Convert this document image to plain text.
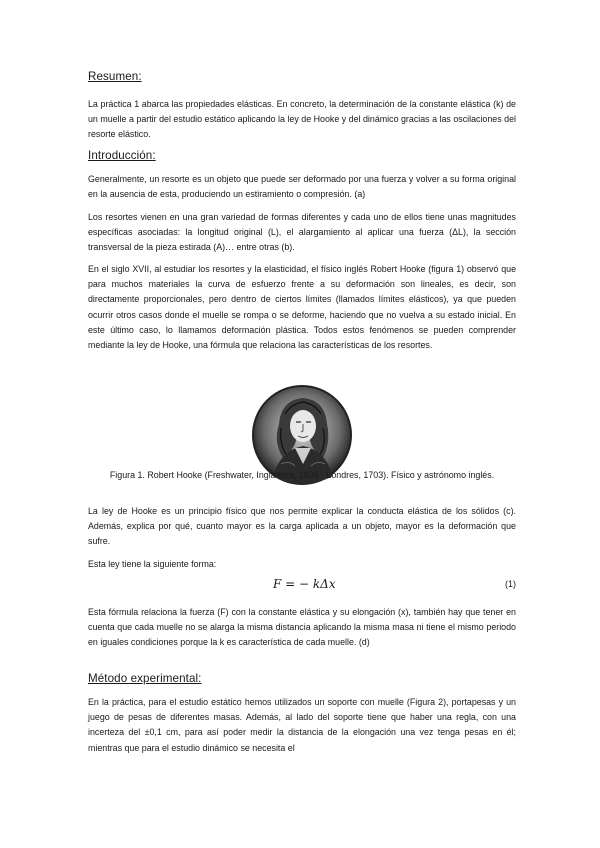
Resumen:

La práctica 1 abarca las propiedades elásticas. En concreto, la determinación de la constante elástica (k) de un muelle a partir del estudio estático aplicando la ley de Hooke y del dinámico gracias a las oscilaciones del resorte elástico.

Introducción:

Generalmente, un resorte es un objeto que puede ser deformado por una fuerza y volver a su forma original en la ausencia de esta, produciendo un estiramiento o compresión. (a)

Los resortes vienen en una gran variedad de formas diferentes y cada uno de ellos tiene unas magnitudes específicas asociadas: la longitud original (L), el alargamiento al aplicar una fuerza (ΔL), la sección transversal de la pieza estirada (A)… entre otras (b).

En el siglo XVII, al estudiar los resortes y la elasticidad, el físico inglés Robert Hooke (figura 1) observó que para muchos materiales la curva de esfuerzo frente a su deformación son lineales, es decir, son directamente proporcionales, pero dentro de ciertos límites (llamados límites elásticos), ya que pueden ocurrir otros casos donde el muelle se rompa o se deforme, haciendo que no vuelva a su estado inicial. En este último caso, lo llamamos deformación plástica. Todos estos fenómenos se pueden comprender mediante la ley de Hooke, una fórmula que relaciona las características de los resortes.

Figura 1. Robert Hooke (Freshwater, Inglaterra, 1635 - Londres, 1703). Físico y astrónomo inglés.

La ley de Hooke es un principio físico que nos permite explicar la conducta elástica de los sólidos (c). Además, explica por qué, cuanto mayor es la carga aplicada a un objeto, mayor es la deformación que sufre.

Esta ley tiene la siguiente forma:

F = − kΔx	(1)

Esta fórmula relaciona la fuerza (F) con la constante elástica y su elongación (x), también hay que tener en cuenta que cada muelle no se alarga la misma distancia aplicando la misma masa ni tiene el mismo periodo en iguales condiciones porque la k es característica de cada muelle. (d)

Método experimental:

En la práctica, para el estudio estático hemos utilizados un soporte con muelle (Figura 2), portapesas y un juego de pesas de diferentes masas. Además, al lado del soporte tiene que haber una regla, con una incerteza del ±0,1 cm, para así poder medir la distancia de la elongación una vez tenga pesas en él; mientras que para el estudio dinámico se necesita el
